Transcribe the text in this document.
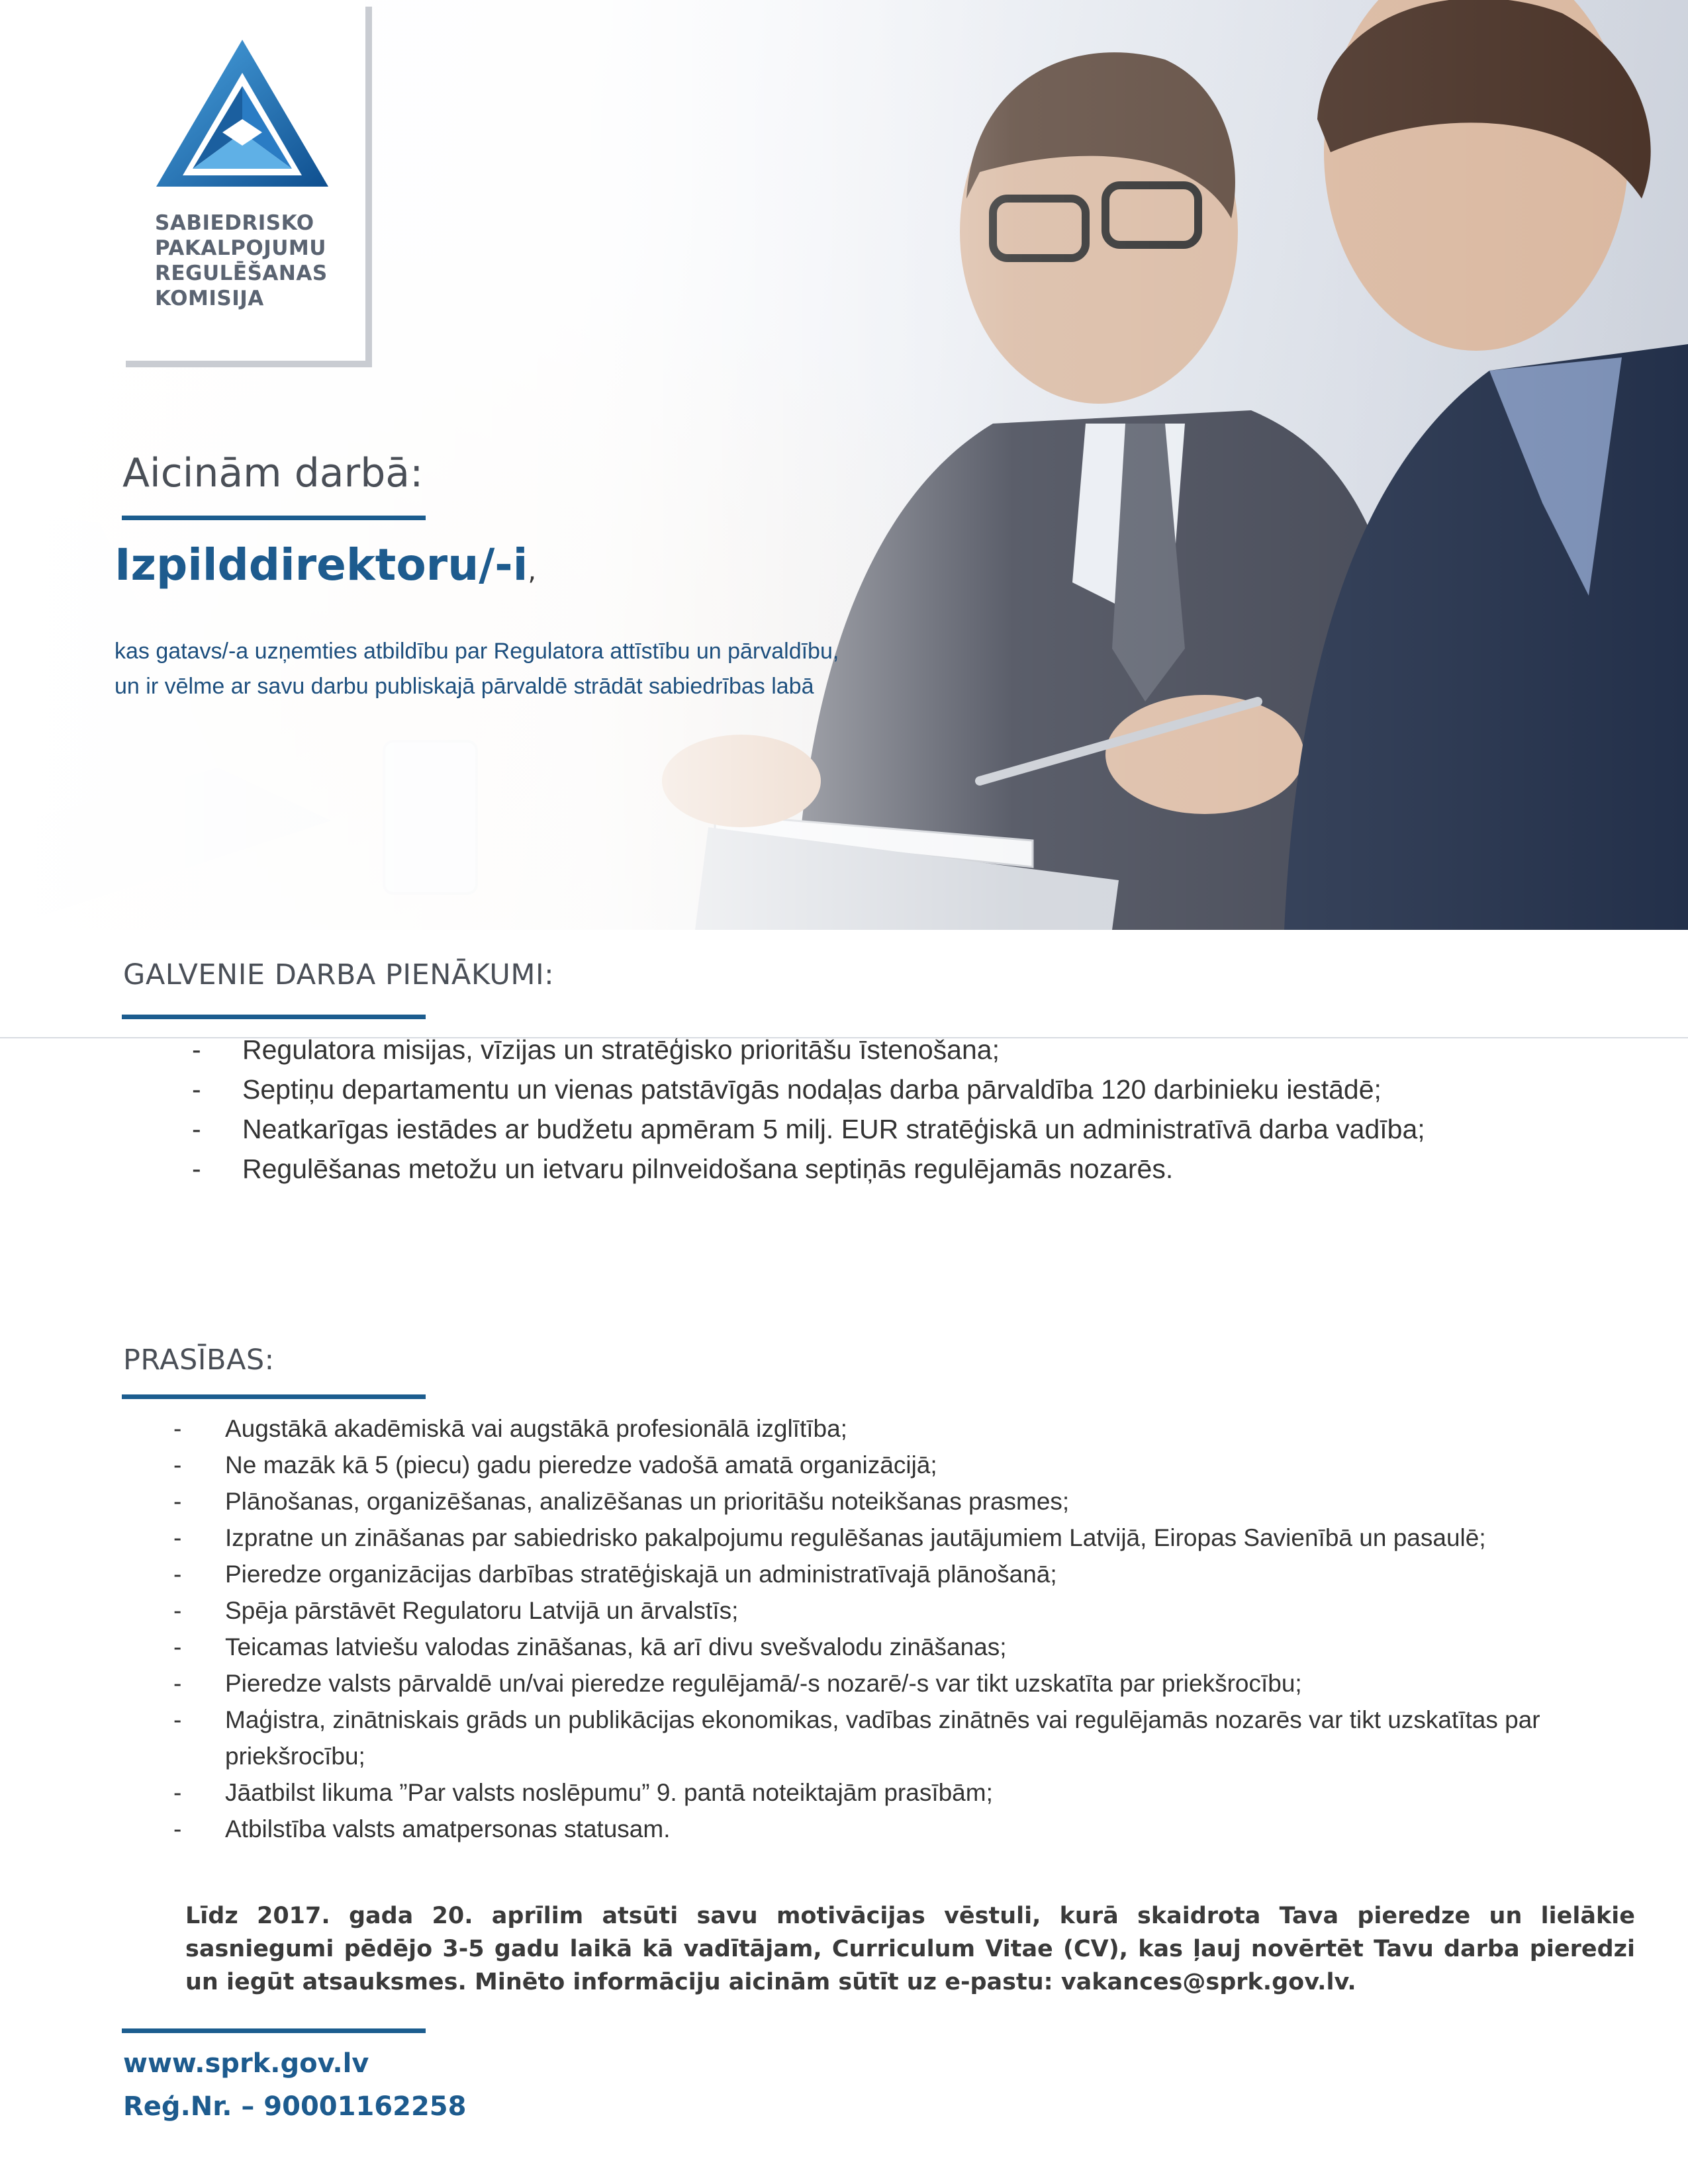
SABIEDRISKO
PAKALPOJUMU
REGULĒŠANAS
KOMISIJA
Aicinām darbā:
Izpilddirektoru/-i,
kas gatavs/-a uzņemties atbildību par Regulatora attīstību un pārvaldību, un ir vēlme ar savu darbu publiskajā pārvaldē strādāt sabiedrības labā
GALVENIE DARBA PIENĀKUMI:
- Regulatora misijas, vīzijas un stratēģisko prioritāšu īstenošana;
- Septiņu departamentu un vienas patstāvīgās nodaļas darba pārvaldība 120 darbinieku iestādē;
- Neatkarīgas iestādes ar budžetu apmēram 5 milj. EUR stratēģiskā un administratīvā darba vadība;
- Regulēšanas metožu un ietvaru pilnveidošana septiņās regulējamās nozarēs.
PRASĪBAS:
- Augstākā akadēmiskā vai augstākā profesionālā izglītība;
- Ne mazāk kā 5 (piecu) gadu pieredze vadošā amatā organizācijā;
- Plānošanas, organizēšanas, analizēšanas un prioritāšu noteikšanas prasmes;
- Izpratne un zināšanas par sabiedrisko pakalpojumu regulēšanas jautājumiem Latvijā, Eiropas Savienībā un pasaulē;
- Pieredze organizācijas darbības stratēģiskajā un administratīvajā plānošanā;
- Spēja pārstāvēt Regulatoru Latvijā un ārvalstīs;
- Teicamas latviešu valodas zināšanas, kā arī divu svešvalodu zināšanas;
- Pieredze valsts pārvaldē un/vai pieredze regulējamā/-s nozarē/-s var tikt uzskatīta par priekšrocību;
- Maģistra, zinātniskais grāds un publikācijas ekonomikas, vadības zinātnēs vai regulējamās nozarēs var tikt uzskatītas par priekšrocību;
- Jāatbilst likuma ”Par valsts noslēpumu” 9. pantā noteiktajām prasībām;
- Atbilstība valsts amatpersonas statusam.
Līdz 2017. gada 20. aprīlim atsūti savu motivācijas vēstuli, kurā skaidrota Tava pieredze un lielākie sasniegumi pēdējo 3-5 gadu laikā kā vadītājam, Curriculum Vitae (CV), kas ļauj novērtēt Tavu darba pieredzi un iegūt atsauksmes. Minēto informāciju aicinām sūtīt uz e-pastu: vakances@sprk.gov.lv.
www.sprk.gov.lv
Reģ.Nr. – 90001162258
